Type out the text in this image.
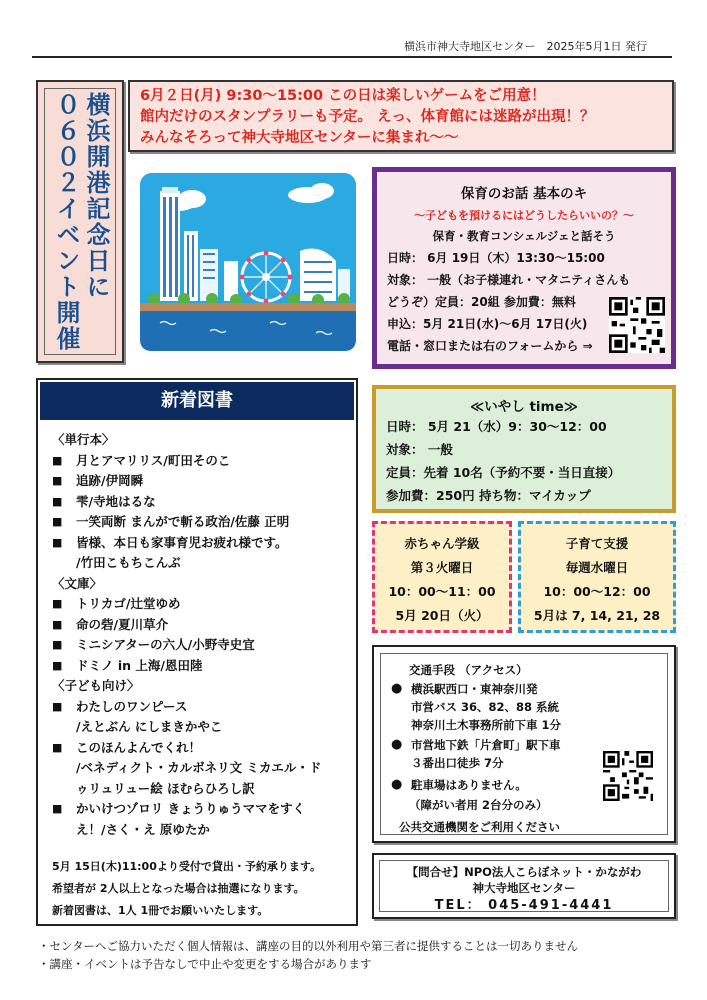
横浜市神大寺地区センター　2025年5月1日 発行
横浜開港記念日に
０６０２イベント開催	6月２日(月) 9:30～15:00 この日は楽しいゲームをご用意！

館内だけのスタンプラリーも予定。 えっ、体育館には迷路が出現！？

みんなそろって神大寺地区センターに集まれ～～

保育のお話 基本のキ
～子どもを預けるにはどうしたらいいの？～
保育・教育コンシェルジェと話そう
日時： 6月 19日（木）13:30～15:00
対象： 一般（お子様連れ・マタニティさんも
どうぞ）定員：20組 参加費：無料
申込：5月 21日(水)～6月 17日(火)
電話・窓口または右のフォームから ⇒
新着図書
〈単行本〉
■ 月とアマリリス/町田そのこ
■ 追跡/伊岡瞬
■ 雫/寺地はるな
■ 一笑両断 まんがで斬る政治/佐藤 正明
■ 皆様、本日も家事育児お疲れ様です。
/竹田こもちこんぶ
〈文庫〉
■ トリカゴ/辻堂ゆめ
■ 命の砦/夏川草介
■ ミニシアターの六人/小野寺史宜
■ ドミノ in 上海/恩田陸
〈子ども向け〉
■ わたしのワンピース
/えとぶん にしまきかやこ
■ このほんよんでくれ！
/ベネディクト・カルボネリ文 ミカエル・ド
ゥリュリュー絵 ほむらひろし訳
■ かいけつゾロリ きょうりゅうママをすく
え！/さく・え 原ゆたか

5月 15日(木)11:00より受付で貸出・予約承ります。

希望者が 2人以上となった場合は抽選になります。

新着図書は、1人 1冊でお願いいたします。

≪いやし time≫
日時： 5月 21（水）9：30～12：00
対象： 一般
定員：先着 10名（予約不要・当日直接）
参加費：250円 持ち物：マイカップ
赤ちゃん学級
第３火曜日
10：00～11：00
5月 20日（火）
子育て支援
毎週水曜日
10：00～12：00
5月は 7, 14, 21, 28
交通手段 （アクセス）
● 横浜駅西口・東神奈川発
市営バス 36、82、88 系統
神奈川土木事務所前下車 1分
● 市営地下鉄「片倉町」駅下車
３番出口徒歩 7分
● 駐車場はありません。
（障がい者用 2台分のみ）
公共交通機関をご利用ください

【問合せ】NPO法人こらぼネット・かながわ

神大寺地区センター

TEL： 045-491-4441

・センターへご協力いただく個人情報は、講座の目的以外利用や第三者に提供することは一切ありません
・講座・イベントは予告なしで中止や変更をする場合があります
